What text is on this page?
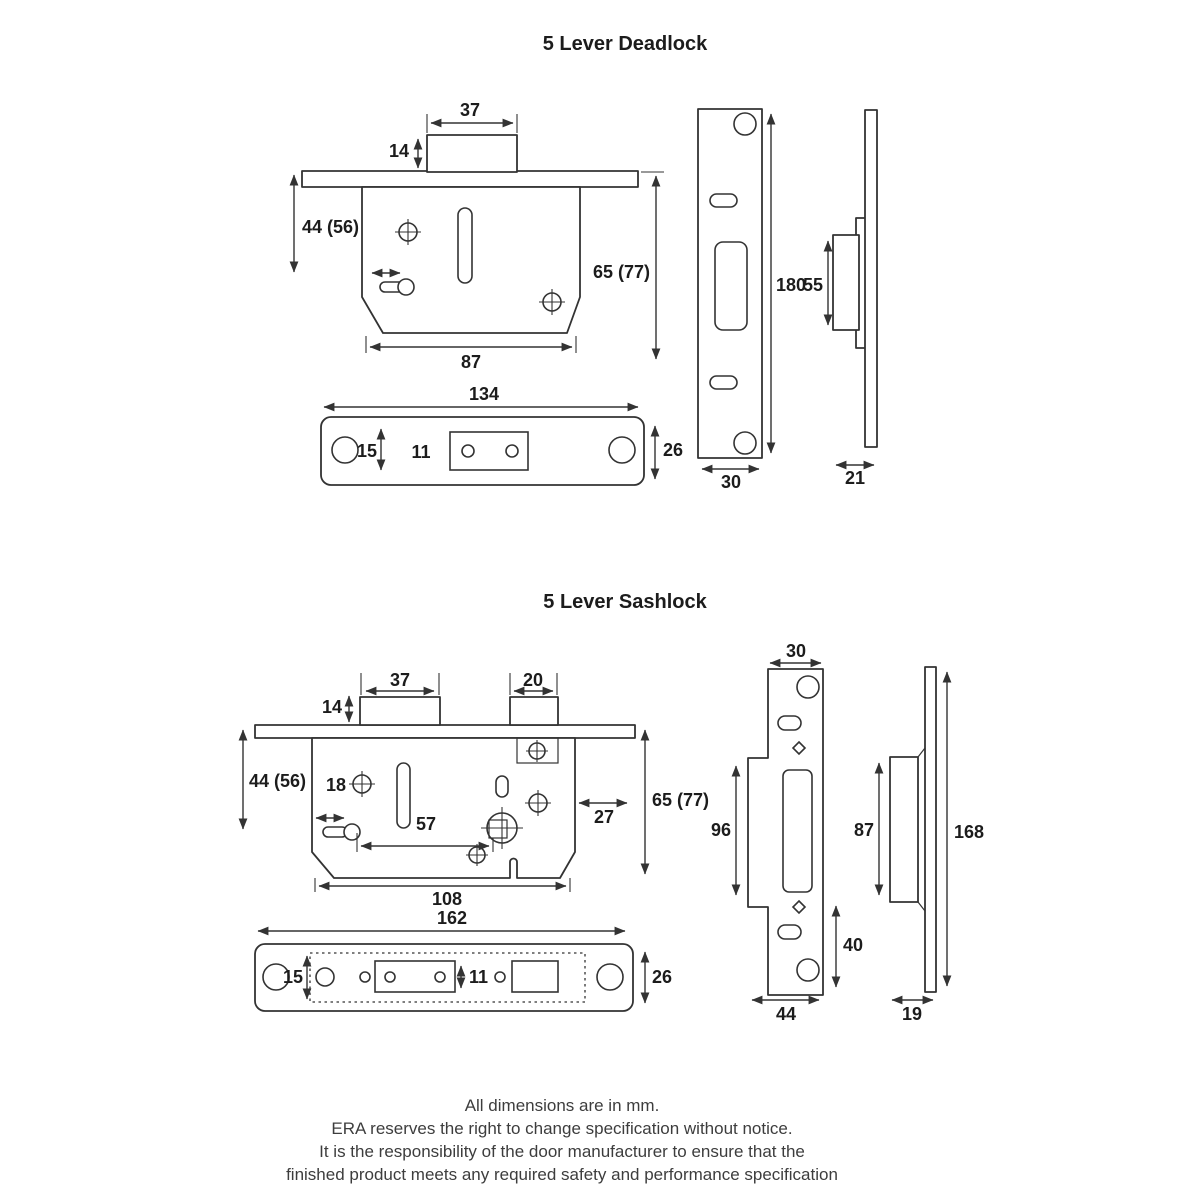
5 Lever Deadlock
5 Lever Sashlock
37
14
44 (56)
65 (77)
87
134
15 11	26
180
30
55
21
37	20
14
44 (56) 18
57	27
65 (77)
108
162
15	11	26
30
96
40
44
87	168
19
All dimensions are in mm.
ERA reserves the right to change specification without notice.
It is the responsibility of the door manufacturer to ensure that the
finished product meets any required safety and performance specification
